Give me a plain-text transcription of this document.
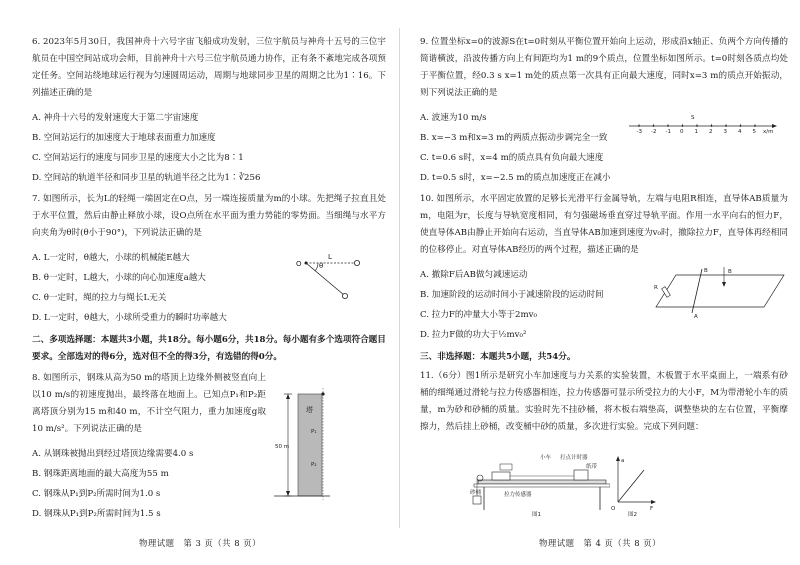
6. 2023年5月30日，我国神舟十六号字宙飞船成功发射，三位宇航员与神舟十五号的三位宇航员在中国空间站成功会师，目前神舟十六号三位宇航员通力协作，正有条不紊地完成各项预定任务。空间站绕地球运行视为匀速圆周运动，周期与地球同步卫星的周期之比为1∶16。下列描述正确的是
A. 神舟十六号的发射速度大于第二宇宙速度
B. 空间站运行的加速度大于地球表面重力加速度
C. 空间站运行的速度与同步卫星的速度大小之比为8∶1
D. 空间站的轨道半径和同步卫星的轨道半径之比为1∶∛256
7. 如图所示，长为L的轻绳一端固定在O点，另一端连接质量为m的小球。先把绳子拉直且处于水平位置，然后由静止释放小球，设O点所在水平面为重力势能的零势面。当细绳与水平方向夹角为θ时(θ小于90°)，下列说法正确的是
A. L一定时，θ越大，小球的机械能E越大
B. θ一定时，L越大，小球的向心加速度a越大
C. θ一定时，绳的拉力与绳长L无关
D. L一定时，θ越大，小球所受重力的瞬时功率越大
二、多项选择题：本题共3小题，共18分。每小题6分，共18分。每小题有多个选项符合题目要求。全部选对的得6分，选对但不全的得3分，有选错的得0分。
8. 如图所示，钢珠从高为50 m的塔顶上边缘外侧被竖直向上以10 m/s的初速度抛出，最终落在地面上。已知点P₁和P₂距离塔顶分别为15 m和40 m，不计空气阻力，重力加速度g取10 m/s²。下列说法正确的是
A. 从钢珠被抛出到经过塔顶边缘需要4.0 s
B. 钢珠距离地面的最大高度为55 m
C. 钢珠从P₁到P₂所需时间为1.0 s
D. 钢珠从P₁到P₂所需时间为1.5 s
O θ
L
塔
50 m
P₁
P₂
物理试题　第 3 页（共 8 页）
9. 位置坐标x=0的波源S在t=0时刻从平衡位置开始向上运动，形成沿x轴正、负两个方向传播的简谐横波，沿波传播方向上有间距均为1 m的9个质点，位置坐标如图所示。t=0时刻各质点均处于平衡位置，经0.3 s x=1 m处的质点第一次具有正向最大速度，同时x=3 m的质点开始振动，则下列说法正确的是
A. 波速为10 m/s
-3 -2 -1 0 1 2 3 4 5
S
x/m
B. x=−3 m和x=3 m的两质点振动步调完全一致
C. t=0.6 s时，x=4 m的质点具有负向最大速度
D. t=0.5 s时，x=−2.5 m的质点加速度正在减小
10. 如图所示，水平固定放置的足够长光滑平行金属导轨，左端与电阻R相连，直导体AB质量为m，电阻为r，长度与导轨宽度相同，有匀强磁场垂直穿过导轨平面。作用一水平向右的恒力F，使直导体AB由静止开始向右运动，当直导体AB加速到速度为v₀时，撤除拉力F，直导体再经相同的位移停止。对直导体AB经历的两个过程，描述正确的是
A. 撤除F后AB做匀减速运动
B. 加速阶段的运动时间小于减速阶段的运动时间
C. 拉力F的冲量大小等于2mv₀
D. 拉力F做的功大于½mv₀²
B
A
B
R
三、非选择题：本题共5小题，共54分。
11.（6分）图1所示是研究小车加速度与力关系的实验装置，木板置于水平桌面上，一端系有砂桶的细绳通过滑轮与拉力传感器相连，拉力传感器可显示所受拉力的大小F，M为带滑轮小车的质量，m为砂和砂桶的质量。实验时先不挂砂桶，将木板右端垫高，调整垫块的左右位置，平衡摩擦力，然后挂上砂桶，改变桶中砂的质量，多次进行实验。完成下列问题：
小车 打点计时器
纸带
砂桶	拉力传感器
图1
a
F
O
图2
物理试题　第 4 页（共 8 页）
